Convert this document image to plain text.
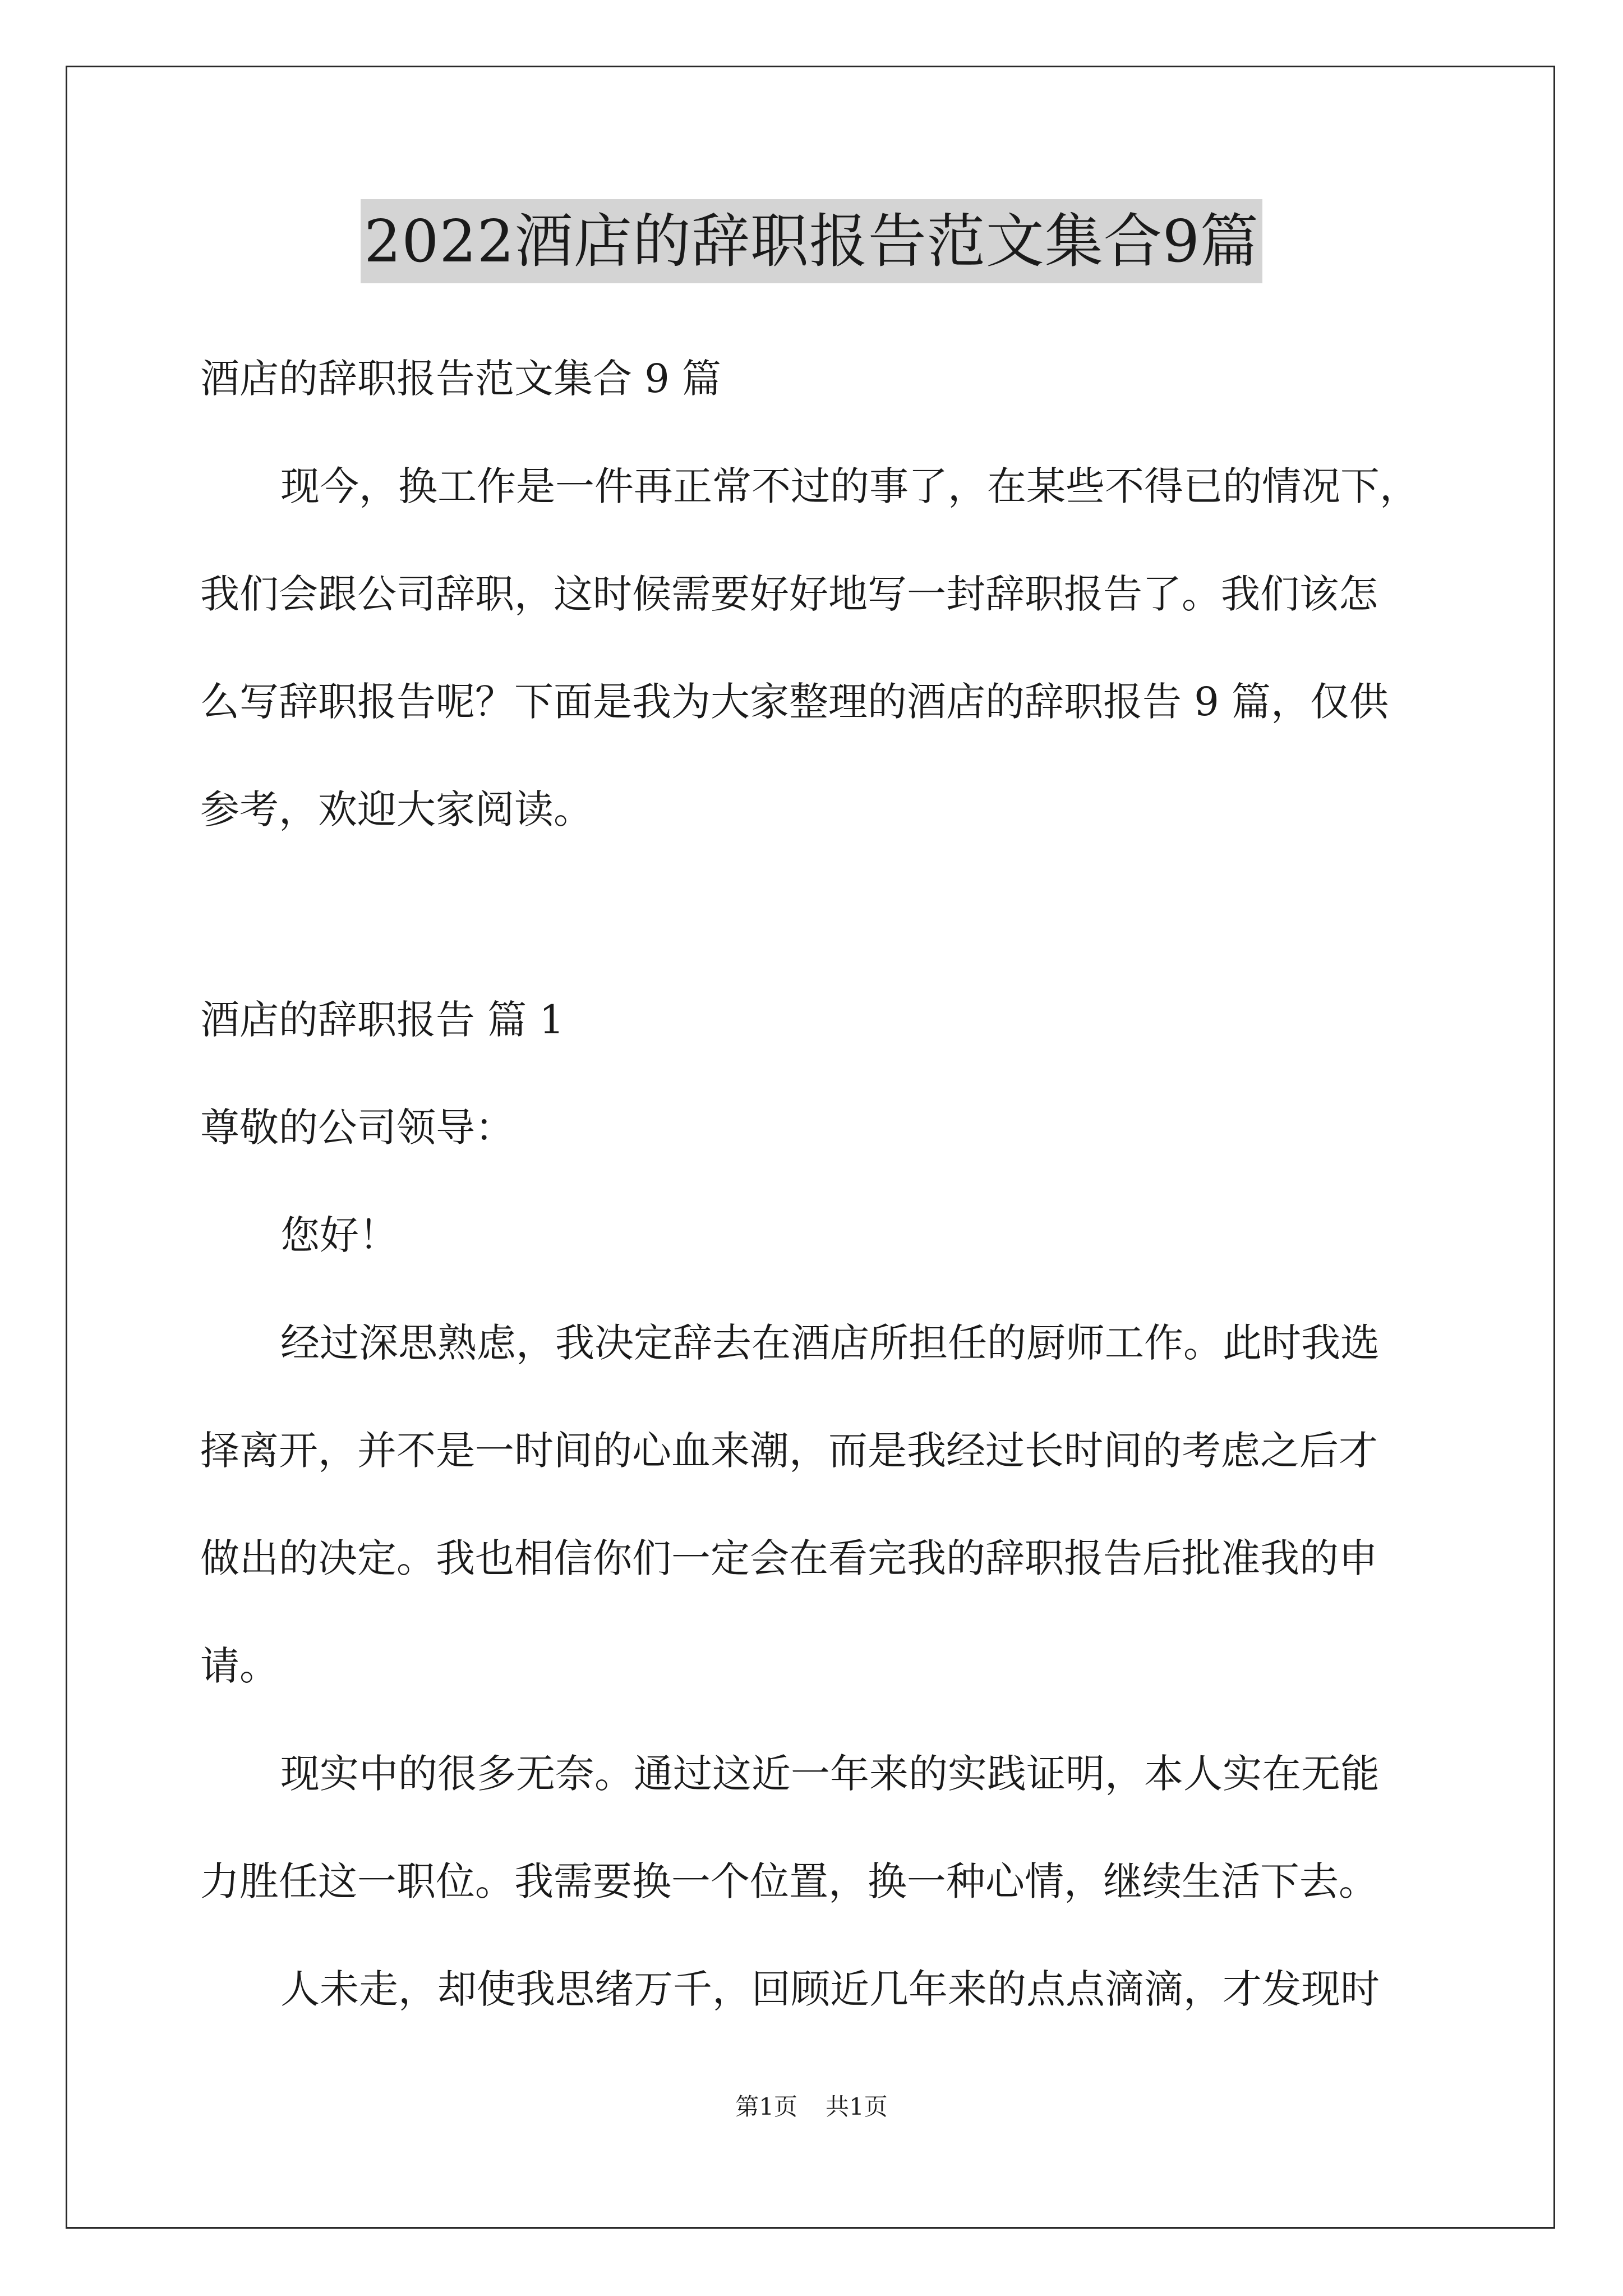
2022酒店的辞职报告范文集合9篇
酒店的辞职报告范文集合 9 篇
现今，换工作是一件再正常不过的事了，在某些不得已的情况下，
我们会跟公司辞职，这时候需要好好地写一封辞职报告了。我们该怎
么写辞职报告呢？下面是我为大家整理的酒店的辞职报告 9 篇，仅供
参考，欢迎大家阅读。
酒店的辞职报告 篇 1
尊敬的公司领导：
您好！
经过深思熟虑，我决定辞去在酒店所担任的厨师工作。此时我选
择离开，并不是一时间的心血来潮，而是我经过长时间的考虑之后才
做出的决定。我也相信你们一定会在看完我的辞职报告后批准我的申
请。
现实中的很多无奈。通过这近一年来的实践证明，本人实在无能
力胜任这一职位。我需要换一个位置，换一种心情，继续生活下去。
人未走，却使我思绪万千，回顾近几年来的点点滴滴，才发现时
第1页 共1页
